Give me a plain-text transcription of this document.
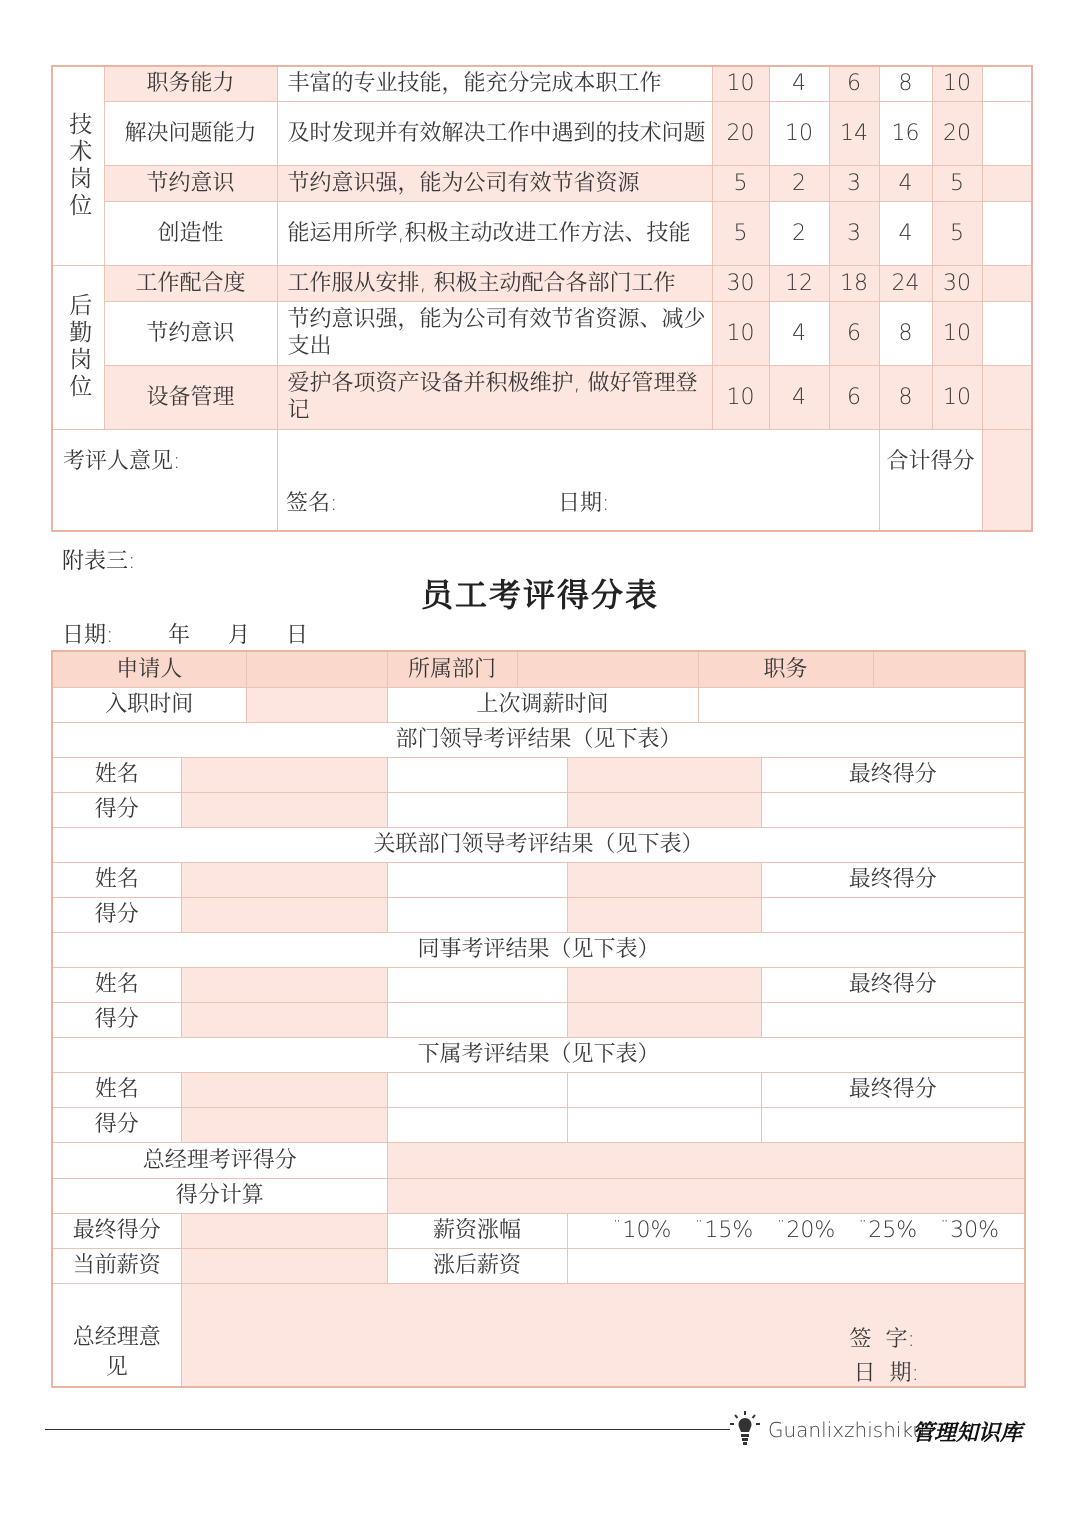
技术岗位	职务能力	丰富的专业技能，能充分完成本职工作	10	4	6	8	10	
	解决问题能力	及时发现并有效解决工作中遇到的技术问题	20	10	14	16	20	
	节约意识	节约意识强，能为公司有效节省资源	5	2	3	4	5	
	创造性	能运用所学,积极主动改进工作方法、技能	5	2	3	4	5	
后勤岗位	工作配合度	工作服从安排, 积极主动配合各部门工作	30	12	18	24	30	
	节约意识	节约意识强，能为公司有效节省资源、减少支出	10	4	6	8	10	
	设备管理	爱护各项资产设备并积极维护, 做好管理登记	10	4	6	8	10	
考评人意见:						合计得分		
签名:	日期:
附表三:
员工考评得分表
日期: 年 月 日
申请人			所属部门			职务		
入职时间			上次调薪时间					
部门领导考评结果（见下表）								
姓名							最终得分	
得分								
关联部门领导考评结果（见下表）								
姓名							最终得分	
得分								
同事考评结果（见下表）								
姓名							最终得分	
得分								
下属考评结果（见下表）								
姓名							最终得分	
得分								
总经理考评得分								
得分计算								
最终得分			薪资涨幅		¨10% ¨15% ¨20% ¨25% ¨30%			
当前薪资			涨后薪资					
总经理意见	签  字:
日  期:							
Guanlixzhishiku
管理知识库
